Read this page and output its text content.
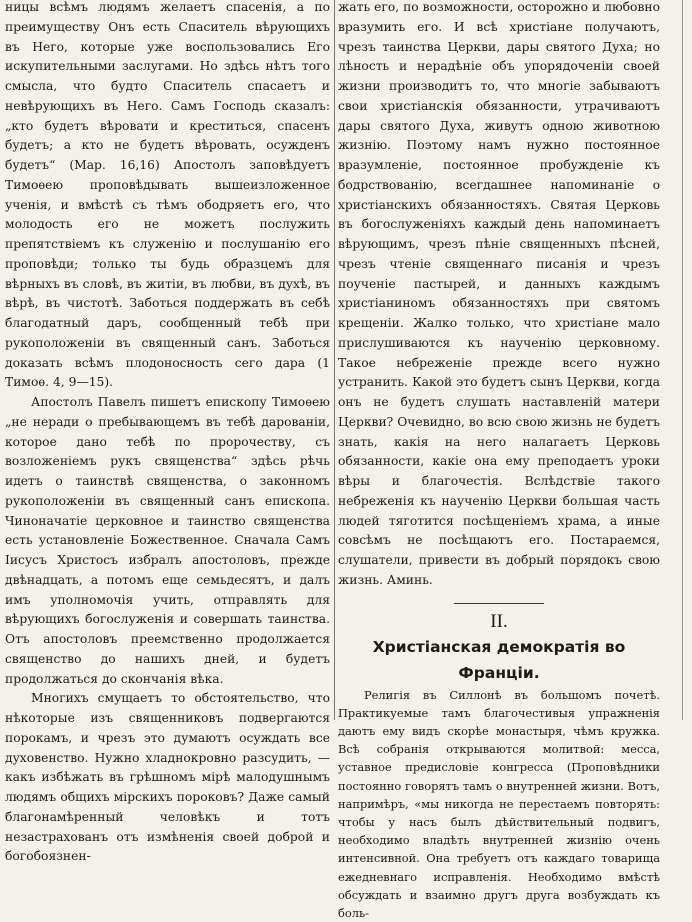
ницы всѣмъ людямъ желаетъ спасенія, а по преимуществу Онъ есть Спаситель вѣрующихъ въ Него, которые уже воспользовались Его искупительными заслугами. Но здѣсь нѣтъ того смысла, что будто Спаситель спасаетъ и невѣрующихъ въ Него. Самъ Господь сказалъ: „кто будетъ вѣровати и креститься, спасенъ будетъ; а кто не будетъ вѣровать, осужденъ будетъ“ (Мар. 16,16) Апостолъ заповѣдуетъ Тимоѳею проповѣдывать вышеизложенное ученія, и вмѣстѣ съ тѣмъ ободряетъ его, что молодость его не можетъ послужить препятствіемъ къ служенію и послушанію его проповѣди; только ты будь образцемъ для вѣрныхъ въ словѣ, въ житіи, въ любви, въ духѣ, въ вѣрѣ, въ чистотѣ. Заботься поддержать въ себѣ благодатный даръ, сообщенный тебѣ при рукоположеніи въ священный санъ. Заботься доказать всѣмъ плодоносность сего дара (1 Тимоѳ. 4, 9—15).

Апостолъ Павелъ пишетъ епископу Тимоѳею „не неради о пребывающемъ въ тебѣ дарованіи, которое дано тебѣ по пророчеству, съ возложеніемъ рукъ священства“ здѣсь рѣчь идетъ о таинствѣ священства, о законномъ рукоположеніи въ священный санъ епископа. Чиноначатіе церковное и таинство священства есть установленіе Божественное. Сначала Самъ Іисусъ Христосъ избралъ апостоловъ, прежде двѣнадцать, а потомъ еще семьдесятъ, и далъ имъ уполномочія учить, отправлять для вѣрующихъ богослуженія и совершать таинства. Отъ апостоловъ преемственно продолжается священство до нашихъ дней, и будетъ продолжаться до скончанія вѣка.

Многихъ смущаетъ то обстоятельство, что нѣкоторые изъ священниковъ подвергаются порокамъ, и чрезъ это думаютъ осуждать все духовенство. Нужно хладнокровно разсудить, — какъ избѣжать въ грѣшномъ мірѣ малодушнымъ людямъ общихъ мірскихъ пороковъ? Даже самый благонамѣренный человѣкъ и тотъ незастрахованъ отъ измѣненія своей доброй и богобоязнен-

жать его, по возможности, осторожно и любовно вразумить его. И всѣ христіане получаютъ, чрезъ таинства Церкви, дары святого Духа; но лѣность и нерадѣніе объ упорядоченіи своей жизни производитъ то, что многіе забываютъ свои христіанскія обязанности, утрачиваютъ дары святого Духа, живутъ одною животною жизнію. Поэтому намъ нужно постоянное вразумленіе, постоянное пробужденіе къ бодрствованію, всегдашнее напоминаніе о христіанскихъ обязанностяхъ. Святая Церковь въ богослуженіяхъ каждый день напоминаетъ вѣрующимъ, чрезъ пѣніе священныхъ пѣсней, чрезъ чтеніе священнаго писанія и чрезъ поученіе пастырей, и данныхъ каждымъ христіаниномъ обязанностяхъ при святомъ крещеніи. Жалко только, что христіане мало прислушиваются къ наученію церковному. Такое небреженіе прежде всего нужно устранить. Какой это будетъ сынъ Церкви, когда онъ не будетъ слушать наставленій матери Церкви? Очевидно, во всю свою жизнь не будетъ знать, какія на него налагаетъ Церковь обязанности, какіе она ему преподаетъ уроки вѣры и благочестія. Вслѣдствіе такого небреженія къ наученію Церкви большая часть людей тяготится посѣщеніемъ храма, а иные совсѣмъ не посѣщаютъ его. Постараемся, слушатели, привести въ добрый порядокъ свою жизнь. Аминь.

II.

Христіанская демократія во Франціи.

Религія въ Силлонѣ въ большомъ почетѣ. Практикуемые тамъ благочестивыя упражненія даютъ ему видъ скорѣе монастыря, чѣмъ кружка. Всѣ собранія открываются молитвой: месса, уставное предисловіе конгресса (Проповѣдники постоянно говорятъ тамъ о внутренней жизни. Вотъ, напримѣръ, «мы никогда не перестаемъ повторять: чтобы у насъ былъ дѣйствительный подвигъ, необходимо владѣть внутренней жизнію очень интенсивной. Она требуетъ отъ каждаго товарища ежедневнаго исправленія. Необходимо вмѣстѣ обсуждать и взаимно другъ друга возбуждать къ боль-
